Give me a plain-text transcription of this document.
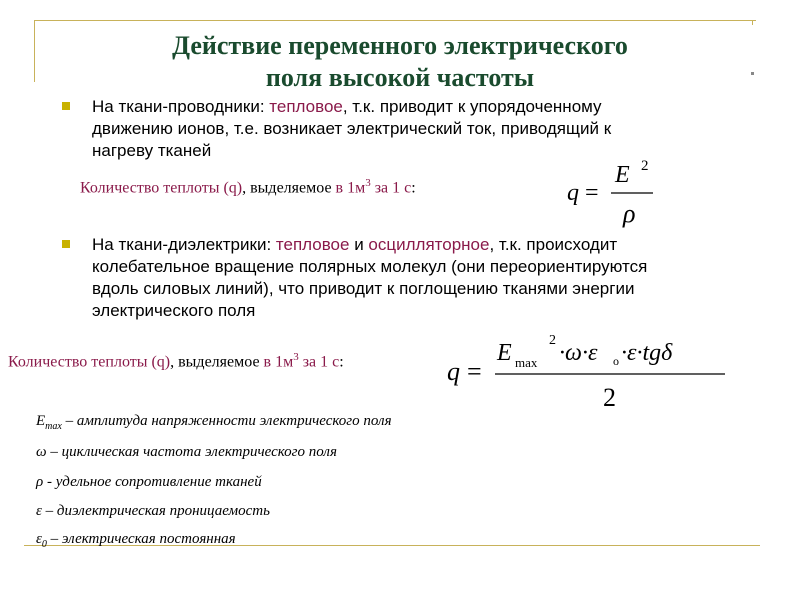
Действие переменного электрического
поля высокой частоты
На ткани-проводники: тепловое, т.к. приводит к упорядоченному
движению ионов, т.е. возникает электрический ток, приводящий к
нагреву тканей
Количество теплоты (q), выделяемое в $1м^3$ за 1 с:	q =
E 2
ρ
На ткани-диэлектрики: тепловое и осцилляторное, т.к. происходит
колебательное вращение полярных молекул (они переориентируются
вдоль силовых линий), что приводит к поглощению тканями энергии
электрического поля
Количество теплоты (q), выделяемое в $1м^3$ за 1 с:	q =
E max
2 ·ω·ε o ·ε·tgδ
2
$E_{max}$ – амплитуда напряженности электрического поля
ω – циклическая частота электрического поля
ρ - удельное сопротивление тканей
ε – диэлектрическая проницаемость
$\varepsilon_0$ – электрическая постоянная
